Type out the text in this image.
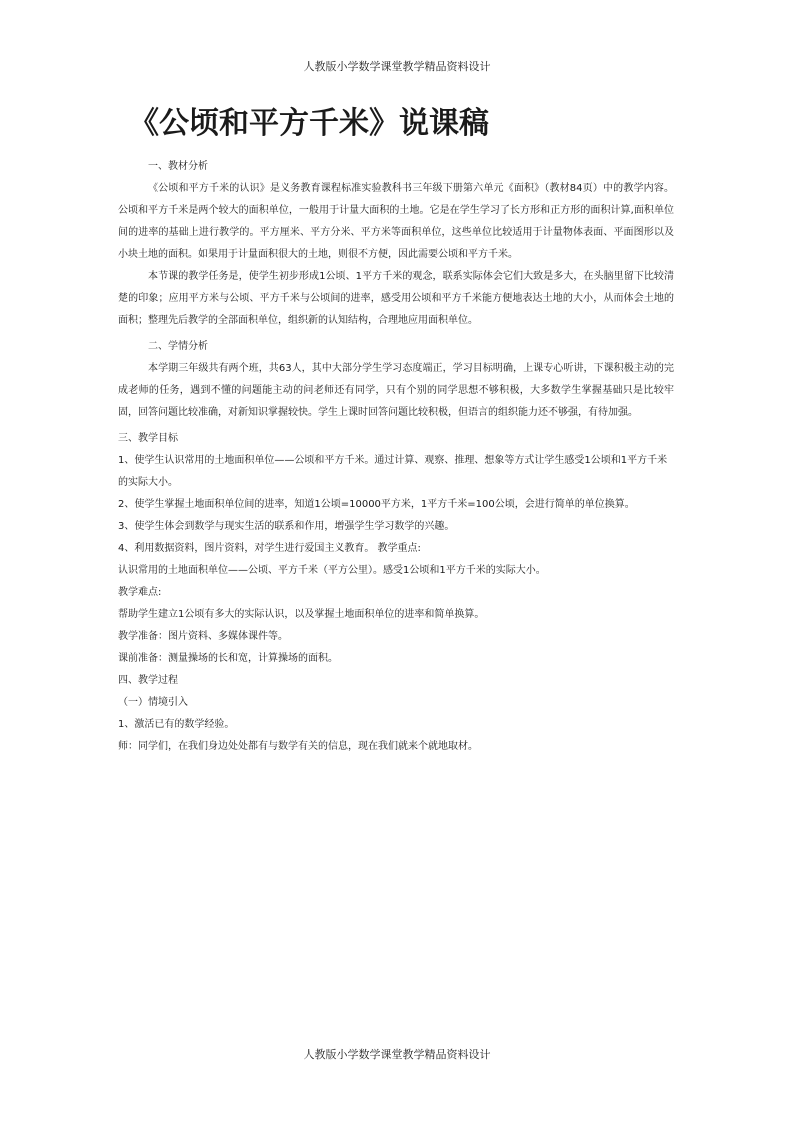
人教版小学数学课堂教学精品资料设计
《公顷和平方千米》说课稿
一、教材分析

《公顷和平方千米的认识》是义务教育课程标准实验教科书三年级下册第六单元《面积》（教材84页）中的教学内容。公顷和平方千米是两个较大的面积单位，一般用于计量大面积的土地。它是在学生学习了长方形和正方形的面积计算,面积单位间的进率的基础上进行教学的。平方厘米、平方分米、平方米等面积单位，这些单位比较适用于计量物体表面、平面图形以及小块土地的面积。如果用于计量面积很大的土地，则很不方便，因此需要公顷和平方千米。

本节课的教学任务是，使学生初步形成1公顷、1平方千米的观念，联系实际体会它们大致是多大，在头脑里留下比较清楚的印象；应用平方米与公顷、平方千米与公顷间的进率，感受用公顷和平方千米能方便地表达土地的大小，从而体会土地的面积；整理先后教学的全部面积单位，组织新的认知结构，合理地应用面积单位。

二、学情分析

本学期三年级共有两个班，共63人，其中大部分学生学习态度端正，学习目标明确，上课专心听讲，下课积极主动的完成老师的任务，遇到不懂的问题能主动的问老师还有同学，只有个别的同学思想不够积极，大多数学生掌握基础只是比较牢固，回答问题比较准确，对新知识掌握较快。学生上课时回答问题比较积极，但语言的组织能力还不够强，有待加强。

三、教学目标

1、使学生认识常用的土地面积单位——公顷和平方千米。通过计算、观察、推理、想象等方式让学生感受1公顷和1平方千米的实际大小。

2、使学生掌握土地面积单位间的进率，知道1公顷=10000平方米，1平方千米=100公顷，会进行简单的单位换算。

3、使学生体会到数学与现实生活的联系和作用，增强学生学习数学的兴趣。

4、利用数据资料，图片资料，对学生进行爱国主义教育。 教学重点:

认识常用的土地面积单位——公顷、平方千米（平方公里）。感受1公顷和1平方千米的实际大小。

教学难点:

帮助学生建立1公顷有多大的实际认识，以及掌握土地面积单位的进率和简单换算。

教学准备：图片资料、多媒体课件等。

课前准备：测量操场的长和宽，计算操场的面积。

四、教学过程

（一）情境引入

1、激活已有的数学经验。

师：同学们，在我们身边处处都有与数学有关的信息，现在我们就来个就地取材。

人教版小学数学课堂教学精品资料设计
